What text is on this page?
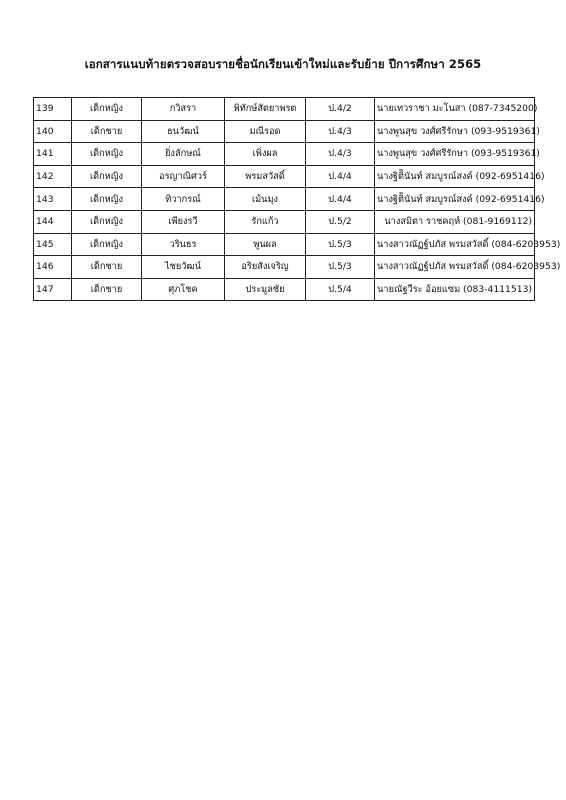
เอกสารแนบท้ายตรวจสอบรายชื่อนักเรียนเข้าใหม่และรับย้าย ปีการศึกษา 2565
139	เด็กหญิง	กวิสรา	พิทักษ์สัตยาพรต	ป.4/2	นายเทวราชา มะโนสา (087-7345200)
140	เด็กชาย	ธนวัฒน์	มณีรอด	ป.4/3	นางพูนสุข วงศ์ศรีรักษา (093-9519361)
141	เด็กหญิง	ยิ่งลักษณ์	เพิ่งผล	ป.4/3	นางพูนสุข วงศ์ศรีรักษา (093-9519361)
142	เด็กหญิง	อรญาณิศวร์	พรมสวัสดิ์	ป.4/4	นางฐิติินันท์ สมบูรณ์สงค์ (092-6951416)
143	เด็กหญิง	ทิวากรณ์	เม้นมุง	ป.4/4	นางฐิติินันท์ สมบูรณ์สงค์ (092-6951416)
144	เด็กหญิง	เพียงรวี	รักแก้ว	ป.5/2	นางสมิตา ราชคฤห์ (081-9169112)
145	เด็กหญิง	วรินธร	พูนผล	ป.5/3	นางสาวณัฏฐ์ปภัส พรมสวัสดิ์ (084-6203953)
146	เด็กชาย	ไชยวัฒน์	อริยสังเจริญ	ป.5/3	นางสาวณัฏฐ์ปภัส พรมสวัสดิ์ (084-6203953)
147	เด็กชาย	ศุภโชค	ประมูลชัย	ป.5/4	นายณัฐวีระ อ้อยแซม (083-4111513)
